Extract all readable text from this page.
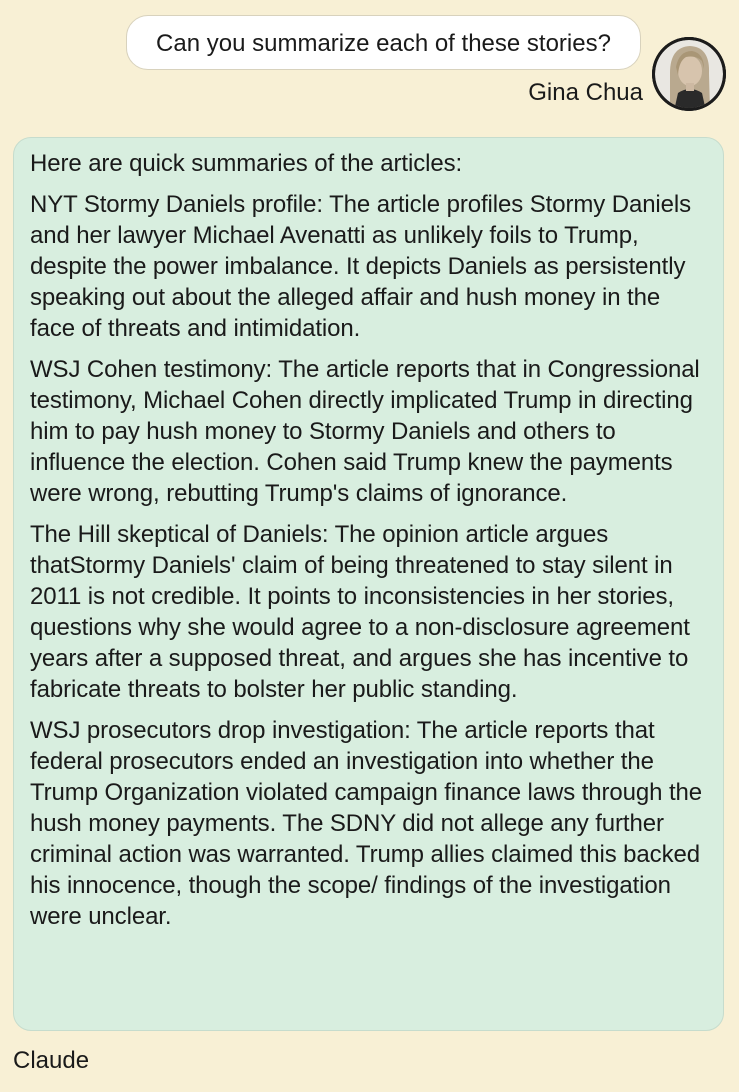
Can you summarize each of these stories?
Gina Chua

Here are quick summaries of the articles:

NYT Stormy Daniels profile: The article profiles Stormy Daniels and her lawyer Michael Avenatti as unlikely foils to Trump, despite the power imbalance. It depicts Daniels as persistently speaking out about the alleged affair and hush money in the face of threats and intimidation.

WSJ Cohen testimony: The article reports that in Congressional testimony, Michael Cohen directly implicated Trump in directing him to pay hush money to Stormy Daniels and others to influence the election. Cohen said Trump knew the payments were wrong, rebutting Trump's claims of ignorance.

The Hill skeptical of Daniels: The opinion article argues thatStormy Daniels' claim of being threatened to stay silent in 2011 is not credible. It points to inconsistencies in her stories, questions why she would agree to a non-disclosure agreement years after a supposed threat, and argues she has incentive to fabricate threats to bolster her public standing.

WSJ prosecutors drop investigation: The article reports that federal prosecutors ended an investigation into whether the Trump Organization violated campaign finance laws through the hush money payments. The SDNY did not allege any further criminal action was warranted. Trump allies claimed this backed his innocence, though the scope/ findings of the investigation were unclear.

Claude
